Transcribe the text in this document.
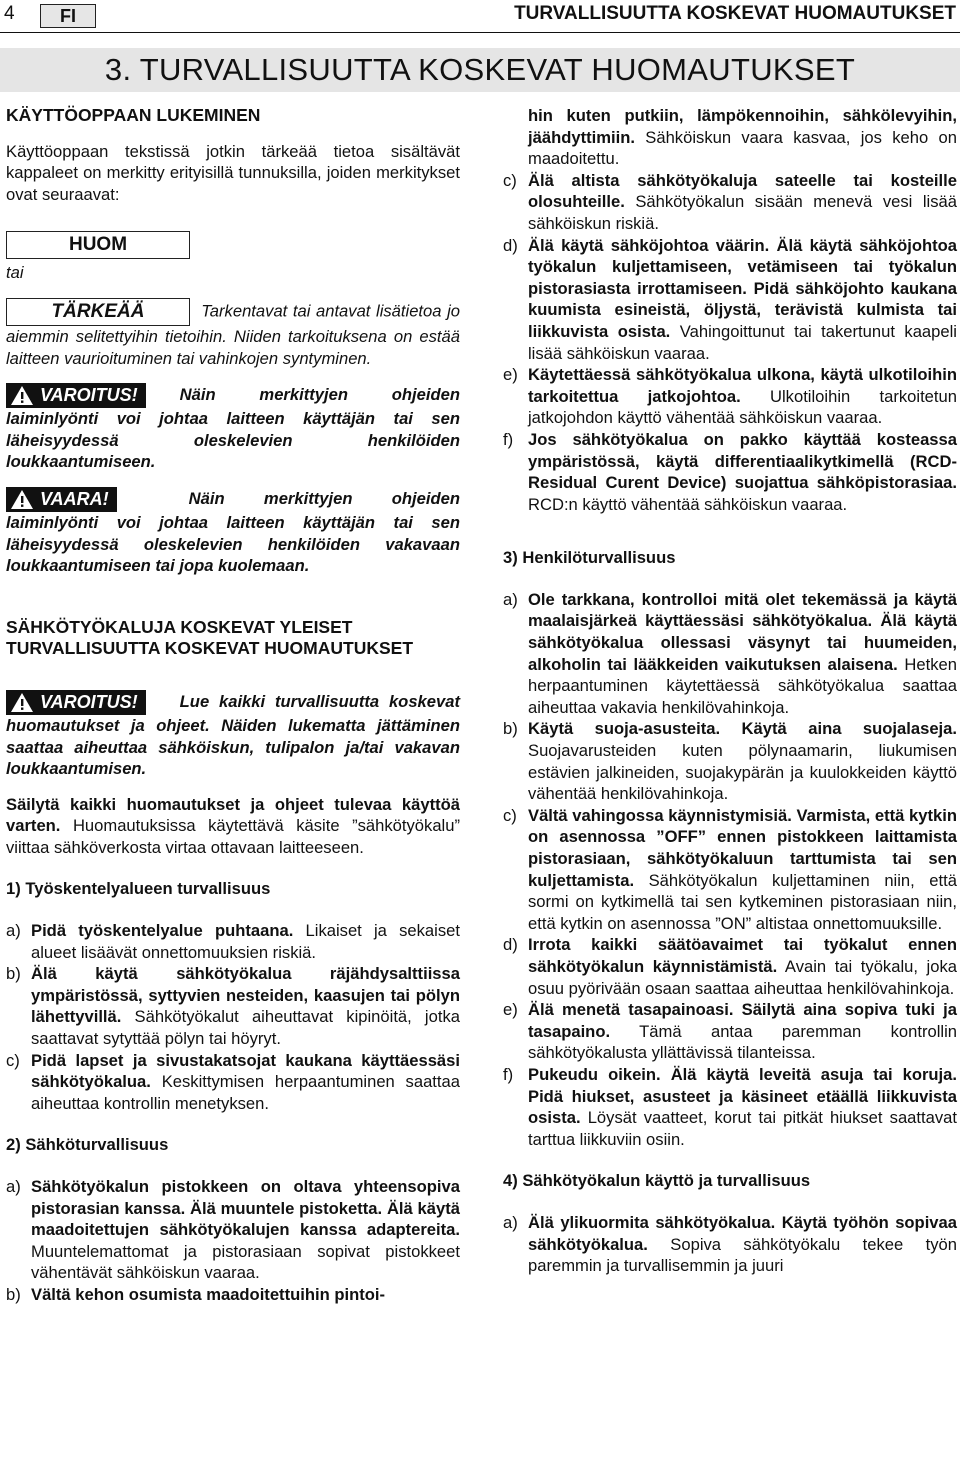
4	FI	TURVALLISUUTTA KOSKEVAT HUOMAUTUKSET
3. TURVALLISUUTTA KOSKEVAT HUOMAUTUKSET

KÄYTTÖOPPAAN LUKEMINEN

Käyttöoppaan tekstissä jotkin tärkeää tietoa sisältävät kappaleet on merkitty erityisillä tunnuksilla, joiden merkitykset ovat seuraavat:

HUOM

tai

TÄRKEÄÄ	Tarkentavat tai antavat lisätietoa jo aiemmin selitettyihin tietoihin. Niiden tarkoituksena on estää laitteen vaurioituminen tai vahinkojen syntyminen.

VAROITUS!	Näin merkittyjen ohjeiden laiminlyönti voi johtaa laitteen käyttäjän tai sen läheisyydessä oleskelevien henkilöiden loukkaantumiseen.

VAARA!	Näin merkittyjen ohjeiden laiminlyönti voi johtaa laitteen käyttäjän tai sen läheisyydessä oleskelevien henkilöiden vakavaan loukkaantumiseen tai jopa kuolemaan.

SÄHKÖTYÖKALUJA KOSKEVAT YLEISET TURVALLISUUTTA KOSKEVAT HUOMAUTUKSET

VAROITUS!	Lue kaikki turvallisuutta koskevat huomautukset ja ohjeet. Näiden lukematta jättäminen saattaa aiheuttaa sähköiskun, tulipalon ja/tai vakavan loukkaantumisen.

Säilytä kaikki huomautukset ja ohjeet tulevaa käyttöä varten. Huomautuksissa käytettävä käsite ”sähkötyökalu” viittaa sähköverkosta virtaa ottavaan laitteeseen.

1) Työskentelyalueen turvallisuus

a) Pidä työskentelyalue puhtaana. Likaiset ja sekaiset alueet lisäävät onnettomuuksien riskiä.

b) Älä käytä sähkötyökalua räjähdysalttiissa ympäristössä, syttyvien nesteiden, kaasujen tai pölyn lähettyvillä. Sähkötyökalut aiheuttavat kipinöitä, jotka saattavat sytyttää pölyn tai höyryt.

c) Pidä lapset ja sivustakatsojat kaukana käyttäessäsi sähkötyökalua. Keskittymisen herpaantuminen saattaa aiheuttaa kontrollin menetyksen.

2) Sähköturvallisuus

a) Sähkötyökalun pistokkeen on oltava yhteensopiva pistorasian kanssa. Älä muuntele pistoketta. Älä käytä maadoitettujen sähkötyökalujen kanssa adaptereita. Muuntelemattomat ja pistorasiaan sopivat pistokkeet vähentävät sähköiskun vaaraa.

b) Vältä kehon osumista maadoitettuihin pintoi-

hin kuten putkiin, lämpökennoihin, sähkölevyihin, jäähdyttimiin. Sähköiskun vaara kasvaa, jos keho on maadoitettu.

c) Älä altista sähkötyökaluja sateelle tai kosteille olosuhteille. Sähkötyökalun sisään menevä vesi lisää sähköiskun riskiä.

d) Älä käytä sähköjohtoa väärin. Älä käytä sähköjohtoa työkalun kuljettamiseen, vetämiseen tai työkalun pistorasiasta irrottamiseen. Pidä sähköjohto kaukana kuumista esineistä, öljystä, terävistä kulmista tai liikkuvista osista. Vahingoittunut tai takertunut kaapeli lisää sähköiskun vaaraa.

e) Käytettäessä sähkötyökalua ulkona, käytä ulkotiloihin tarkoitettua jatkojohtoa. Ulkotiloihin tarkoitetun jatkojohdon käyttö vähentää sähköiskun vaaraa.

f) Jos sähkötyökalua on pakko käyttää kosteassa ympäristössä, käytä differentiaalikytkimellä (RCD-Residual Curent Device) suojattua sähköpistorasiaa. RCD:n käyttö vähentää sähköiskun vaaraa.

3) Henkilöturvallisuus

a) Ole tarkkana, kontrolloi mitä olet tekemässä ja käytä maalaisjärkeä käyttäessäsi sähkötyökalua. Älä käytä sähkötyökalua ollessasi väsynyt tai huumeiden, alkoholin tai lääkkeiden vaikutuksen alaisena. Hetken herpaantuminen käytettäessä sähkötyökalua saattaa aiheuttaa vakavia henkilövahinkoja.

b) Käytä suoja-asusteita. Käytä aina suojalaseja. Suojavarusteiden kuten pölynaamarin, liukumisen estävien jalkineiden, suojakypärän ja kuulokkeiden käyttö vähentää henkilövahinkoja.

c) Vältä vahingossa käynnistymisiä. Varmista, että kytkin on asennossa ”OFF” ennen pistokkeen laittamista pistorasiaan, sähkötyökaluun tarttumista tai sen kuljettamista. Sähkötyökalun kuljettaminen niin, että sormi on kytkimellä tai sen kytkeminen pistorasiaan niin, että kytkin on asennossa ”ON” altistaa onnettomuuksille.

d) Irrota kaikki säätöavaimet tai työkalut ennen sähkötyökalun käynnistämistä. Avain tai työkalu, joka osuu pyörivään osaan saattaa aiheuttaa henkilövahinkoja.

e) Älä menetä tasapainoasi. Säilytä aina sopiva tuki ja tasapaino. Tämä antaa paremman kontrollin sähkötyökalusta yllättävissä tilanteissa.

f) Pukeudu oikein. Älä käytä leveitä asuja tai koruja. Pidä hiukset, asusteet ja käsineet etäällä liikkuvista osista. Löysät vaatteet, korut tai pitkät hiukset saattavat tarttua liikkuviin osiin.

4) Sähkötyökalun käyttö ja turvallisuus

a) Älä ylikuormita sähkötyökalua. Käytä työhön sopivaa sähkötyökalua. Sopiva sähkötyökalu tekee työn paremmin ja turvallisemmin ja juuri
